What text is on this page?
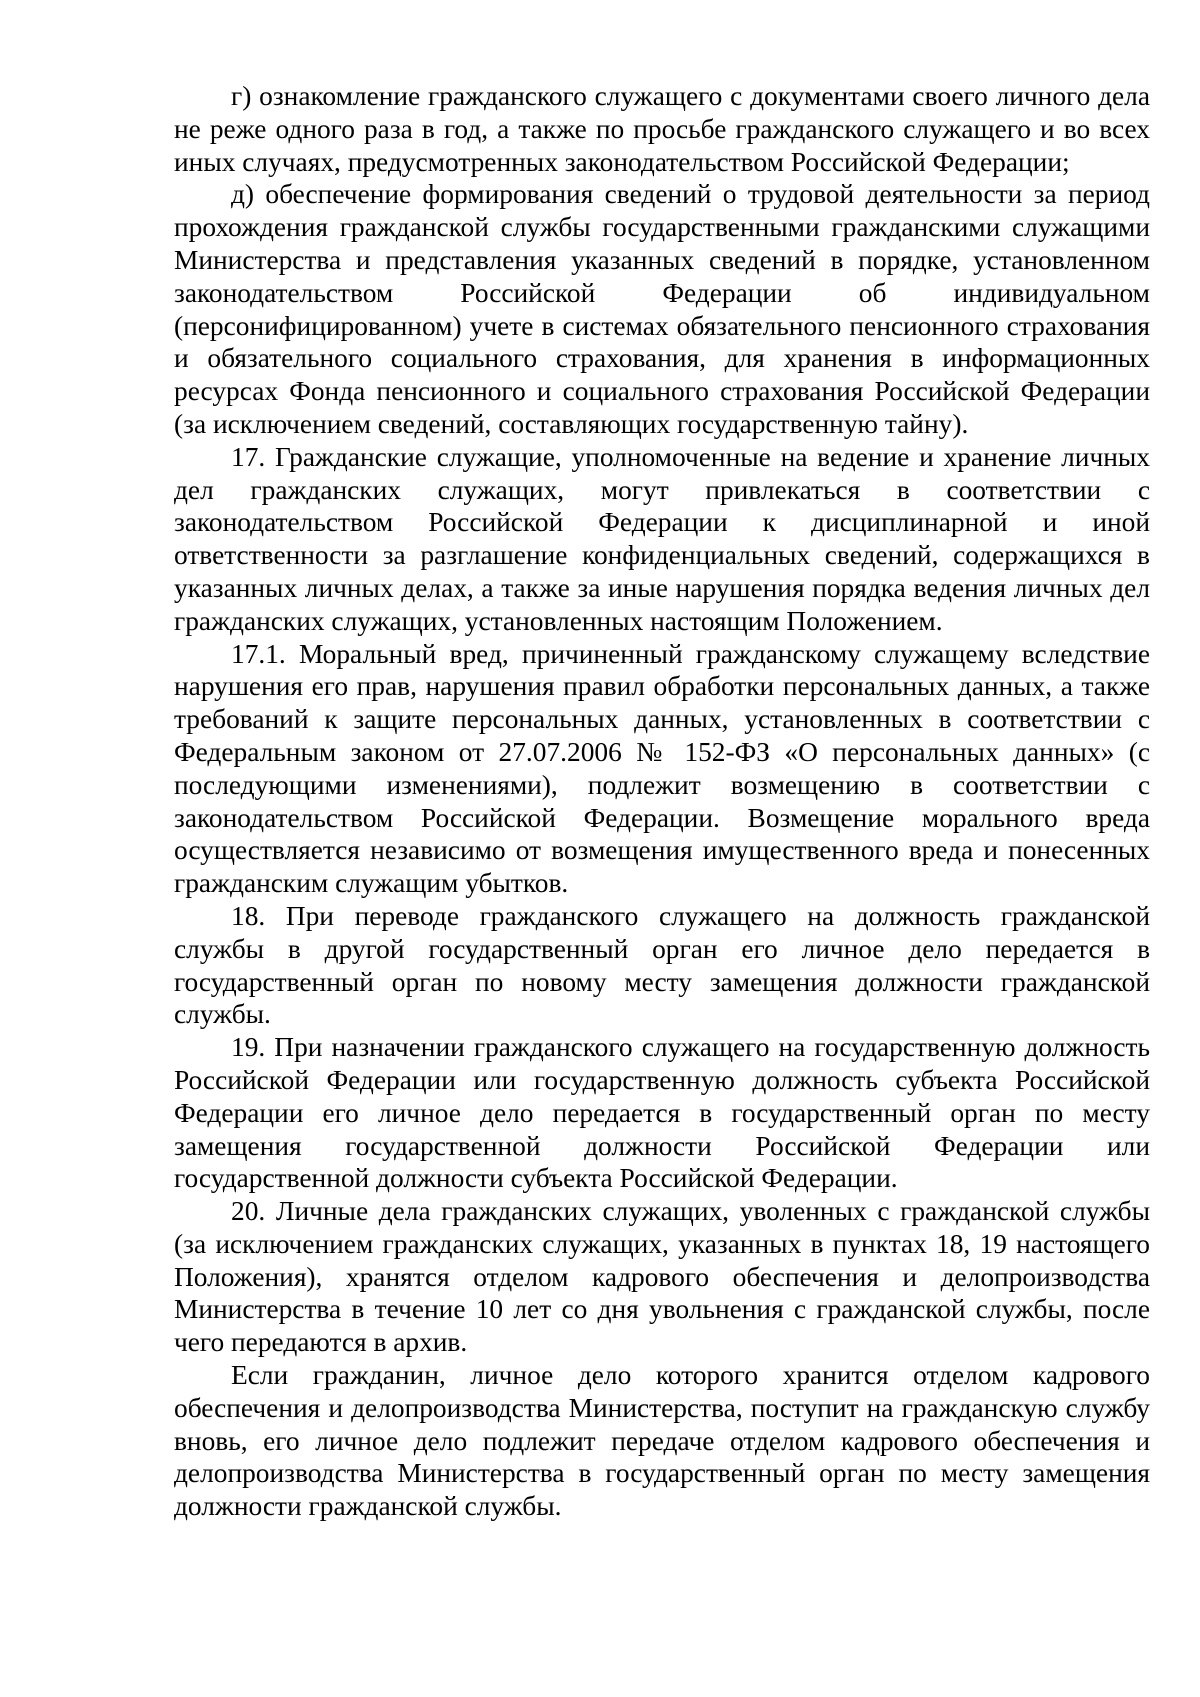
г) ознакомление гражданского служащего с документами своего личного дела не реже одного раза в год, а также по просьбе гражданского служащего и во всех иных случаях, предусмотренных законодательством Российской Федерации;

д) обеспечение формирования сведений о трудовой деятельности за период прохождения гражданской службы государственными гражданскими служащими Министерства и представления указанных сведений в порядке, установленном законодательством Российской Федерации об индивидуальном (персонифицированном) учете в системах обязательного пенсионного страхования и обязательного социального страхования, для хранения в информационных ресурсах Фонда пенсионного и социального страхования Российской Федерации (за исключением сведений, составляющих государственную тайну).

17. Гражданские служащие, уполномоченные на ведение и хранение личных дел гражданских служащих, могут привлекаться в соответствии с законодательством Российской Федерации к дисциплинарной и иной ответственности за разглашение конфиденциальных сведений, содержащихся в указанных личных делах, а также за иные нарушения порядка ведения личных дел гражданских служащих, установленных настоящим Положением.

17.1. Моральный вред, причиненный гражданскому служащему вследствие нарушения его прав, нарушения правил обработки персональных данных, а также требований к защите персональных данных, установленных в соответствии с Федеральным законом от 27.07.2006 № 152-ФЗ «О персональных данных» (с последующими изменениями), подлежит возмещению в соответствии с законодательством Российской Федерации. Возмещение морального вреда осуществляется независимо от возмещения имущественного вреда и понесенных гражданским служащим убытков.

18. При переводе гражданского служащего на должность гражданской службы в другой государственный орган его личное дело передается в государственный орган по новому месту замещения должности гражданской службы.

19. При назначении гражданского служащего на государственную должность Российской Федерации или государственную должность субъекта Российской Федерации его личное дело передается в государственный орган по месту замещения государственной должности Российской Федерации или государственной должности субъекта Российской Федерации.

20. Личные дела гражданских служащих, уволенных с гражданской службы (за исключением гражданских служащих, указанных в пунктах 18, 19 настоящего Положения), хранятся отделом кадрового обеспечения и делопроизводства Министерства в течение 10 лет со дня увольнения с гражданской службы, после чего передаются в архив.

Если гражданин, личное дело которого хранится отделом кадрового обеспечения и делопроизводства Министерства, поступит на гражданскую службу вновь, его личное дело подлежит передаче отделом кадрового обеспечения и делопроизводства Министерства в государственный орган по месту замещения должности гражданской службы.
